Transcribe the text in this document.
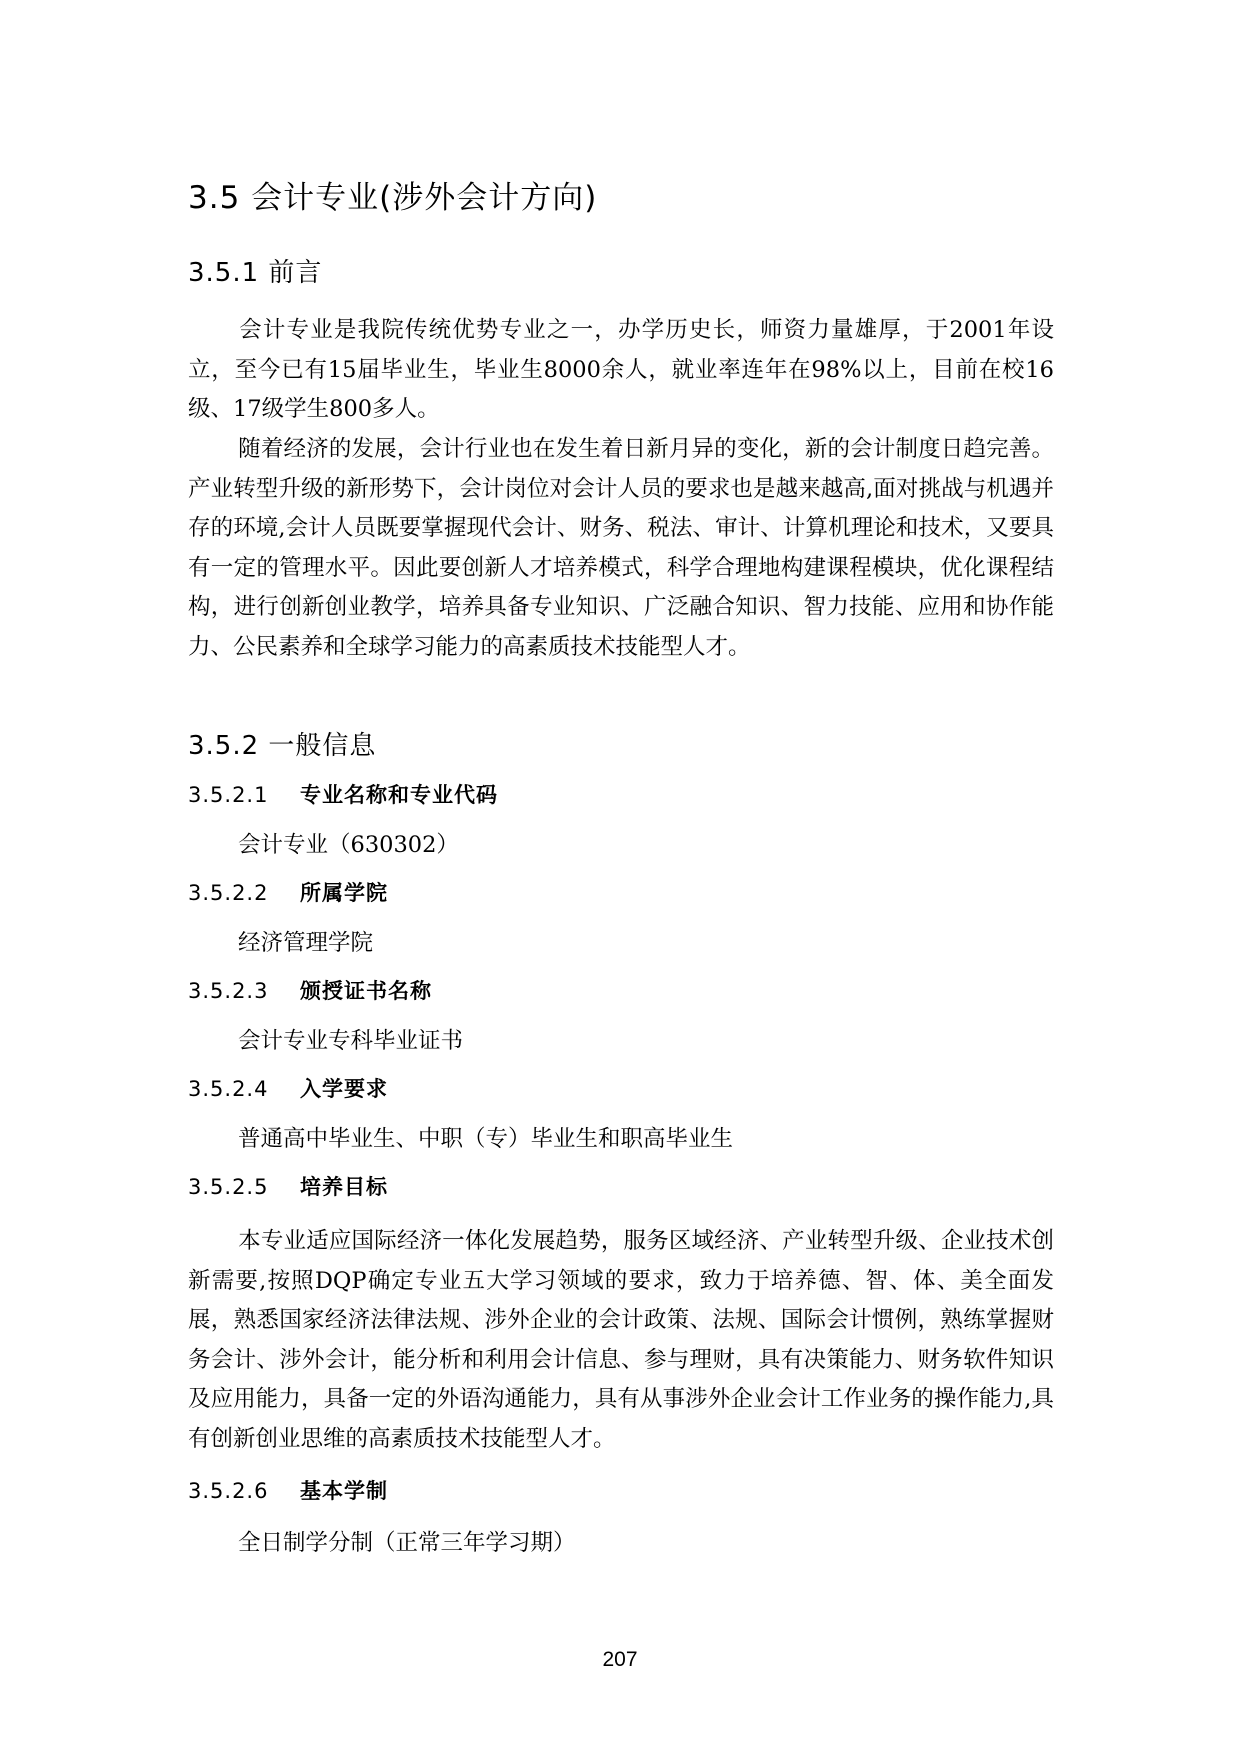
3.5 会计专业(涉外会计方向)
3.5.1 前言
会计专业是我院传统优势专业之一，办学历史长，师资力量雄厚，于2001年设立，至今已有15届毕业生，毕业生8000余人，就业率连年在98%以上，目前在校16级、17级学生800多人。
随着经济的发展，会计行业也在发生着日新月异的变化，新的会计制度日趋完善。产业转型升级的新形势下，会计岗位对会计人员的要求也是越来越高,面对挑战与机遇并存的环境,会计人员既要掌握现代会计、财务、税法、审计、计算机理论和技术，又要具有一定的管理水平。因此要创新人才培养模式，科学合理地构建课程模块，优化课程结构，进行创新创业教学，培养具备专业知识、广泛融合知识、智力技能、应用和协作能力、公民素养和全球学习能力的高素质技术技能型人才。
3.5.2 一般信息
3.5.2.1 专业名称和专业代码
会计专业（630302）
3.5.2.2 所属学院
经济管理学院
3.5.2.3 颁授证书名称
会计专业专科毕业证书
3.5.2.4 入学要求
普通高中毕业生、中职（专）毕业生和职高毕业生
3.5.2.5 培养目标
本专业适应国际经济一体化发展趋势，服务区域经济、产业转型升级、企业技术创新需要,按照DQP确定专业五大学习领域的要求，致力于培养德、智、体、美全面发展，熟悉国家经济法律法规、涉外企业的会计政策、法规、国际会计惯例，熟练掌握财务会计、涉外会计，能分析和利用会计信息、参与理财，具有决策能力、财务软件知识及应用能力，具备一定的外语沟通能力，具有从事涉外企业会计工作业务的操作能力,具有创新创业思维的高素质技术技能型人才。
3.5.2.6 基本学制
全日制学分制（正常三年学习期）
207
